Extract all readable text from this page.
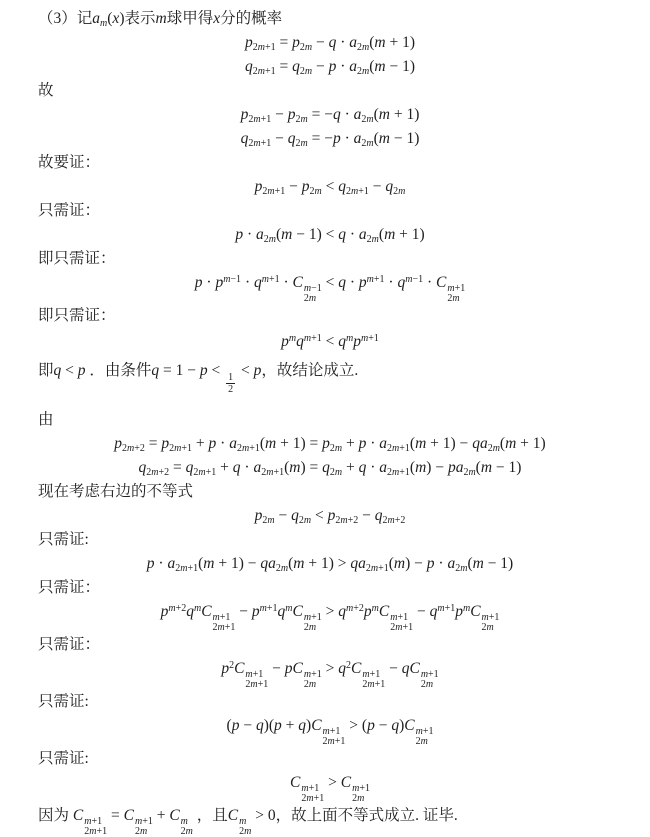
（3）记$a_m(x)$表示m球甲得x分的概率
$p_{2m+1} = p_{2m} - q \cdot a_{2m}(m + 1)$
$q_{2m+1} = q_{2m} - p \cdot a_{2m}(m - 1)$
故
$p_{2m+1} - p_{2m} = -q \cdot a_{2m}(m + 1)$
$q_{2m+1} - q_{2m} = -p \cdot a_{2m}(m - 1)$
故要证：
$p_{2m+1} - p_{2m} < q_{2m+1} - q_{2m}$
只需证：
$p \cdot a_{2m}(m - 1) < q \cdot a_{2m}(m + 1)$
即只需证：
$p \cdot p^{m-1} \cdot q^{m+1} \cdot C$ m−1
2m
< $q \cdot p^{m+1} \cdot q^{m-1} \cdot C$ m+1
2m
即只需证：
$p^mq^{m+1} < q^mp^{m+1}$
即q < p ．由条件q = 1 − p <
$\frac{1}{2}$
< p，故结论成立.
由
$p_{2m+2} = p_{2m+1} + p \cdot a_{2m+1}(m + 1) = p_{2m} + p \cdot a_{2m+1}(m + 1) - qa_{2m}(m + 1)$
$q_{2m+2} = q_{2m+1} + q \cdot a_{2m+1}(m) = q_{2m} + q \cdot a_{2m+1}(m) - pa_{2m}(m - 1)$
现在考虑右边的不等式
$p_{2m} - q_{2m} < p_{2m+2} - q_{2m+2}$
只需证:
$p \cdot a_{2m+1}(m + 1) - qa_{2m}(m + 1) > qa_{2m+1}(m) - p \cdot a_{2m}(m - 1)$
只需证：
$p^{m+2}q^mC$ m+1
2m+1
− $p^{m+1}q^mC$ m+1
2m
> $q^{m+2}p^mC$ m+1
2m+1
− $q^{m+1}p^mC$ m+1
2m
只需证：
$p^2C$ m+1
2m+1
− pC m+1
2m
> $q^2C$ m+1
2m+1
− qC m+1
2m
只需证:
(p − q)(p + q)C m+1
2m+1
> (p − q)C m+1
2m
只需证:
C m+1
2m+1
> C m+1
2m
因为 C m+1
2m+1
= C m+1
2m
+ C m
2m
，且C m
2m
> 0，故上面不等式成立. 证毕.
